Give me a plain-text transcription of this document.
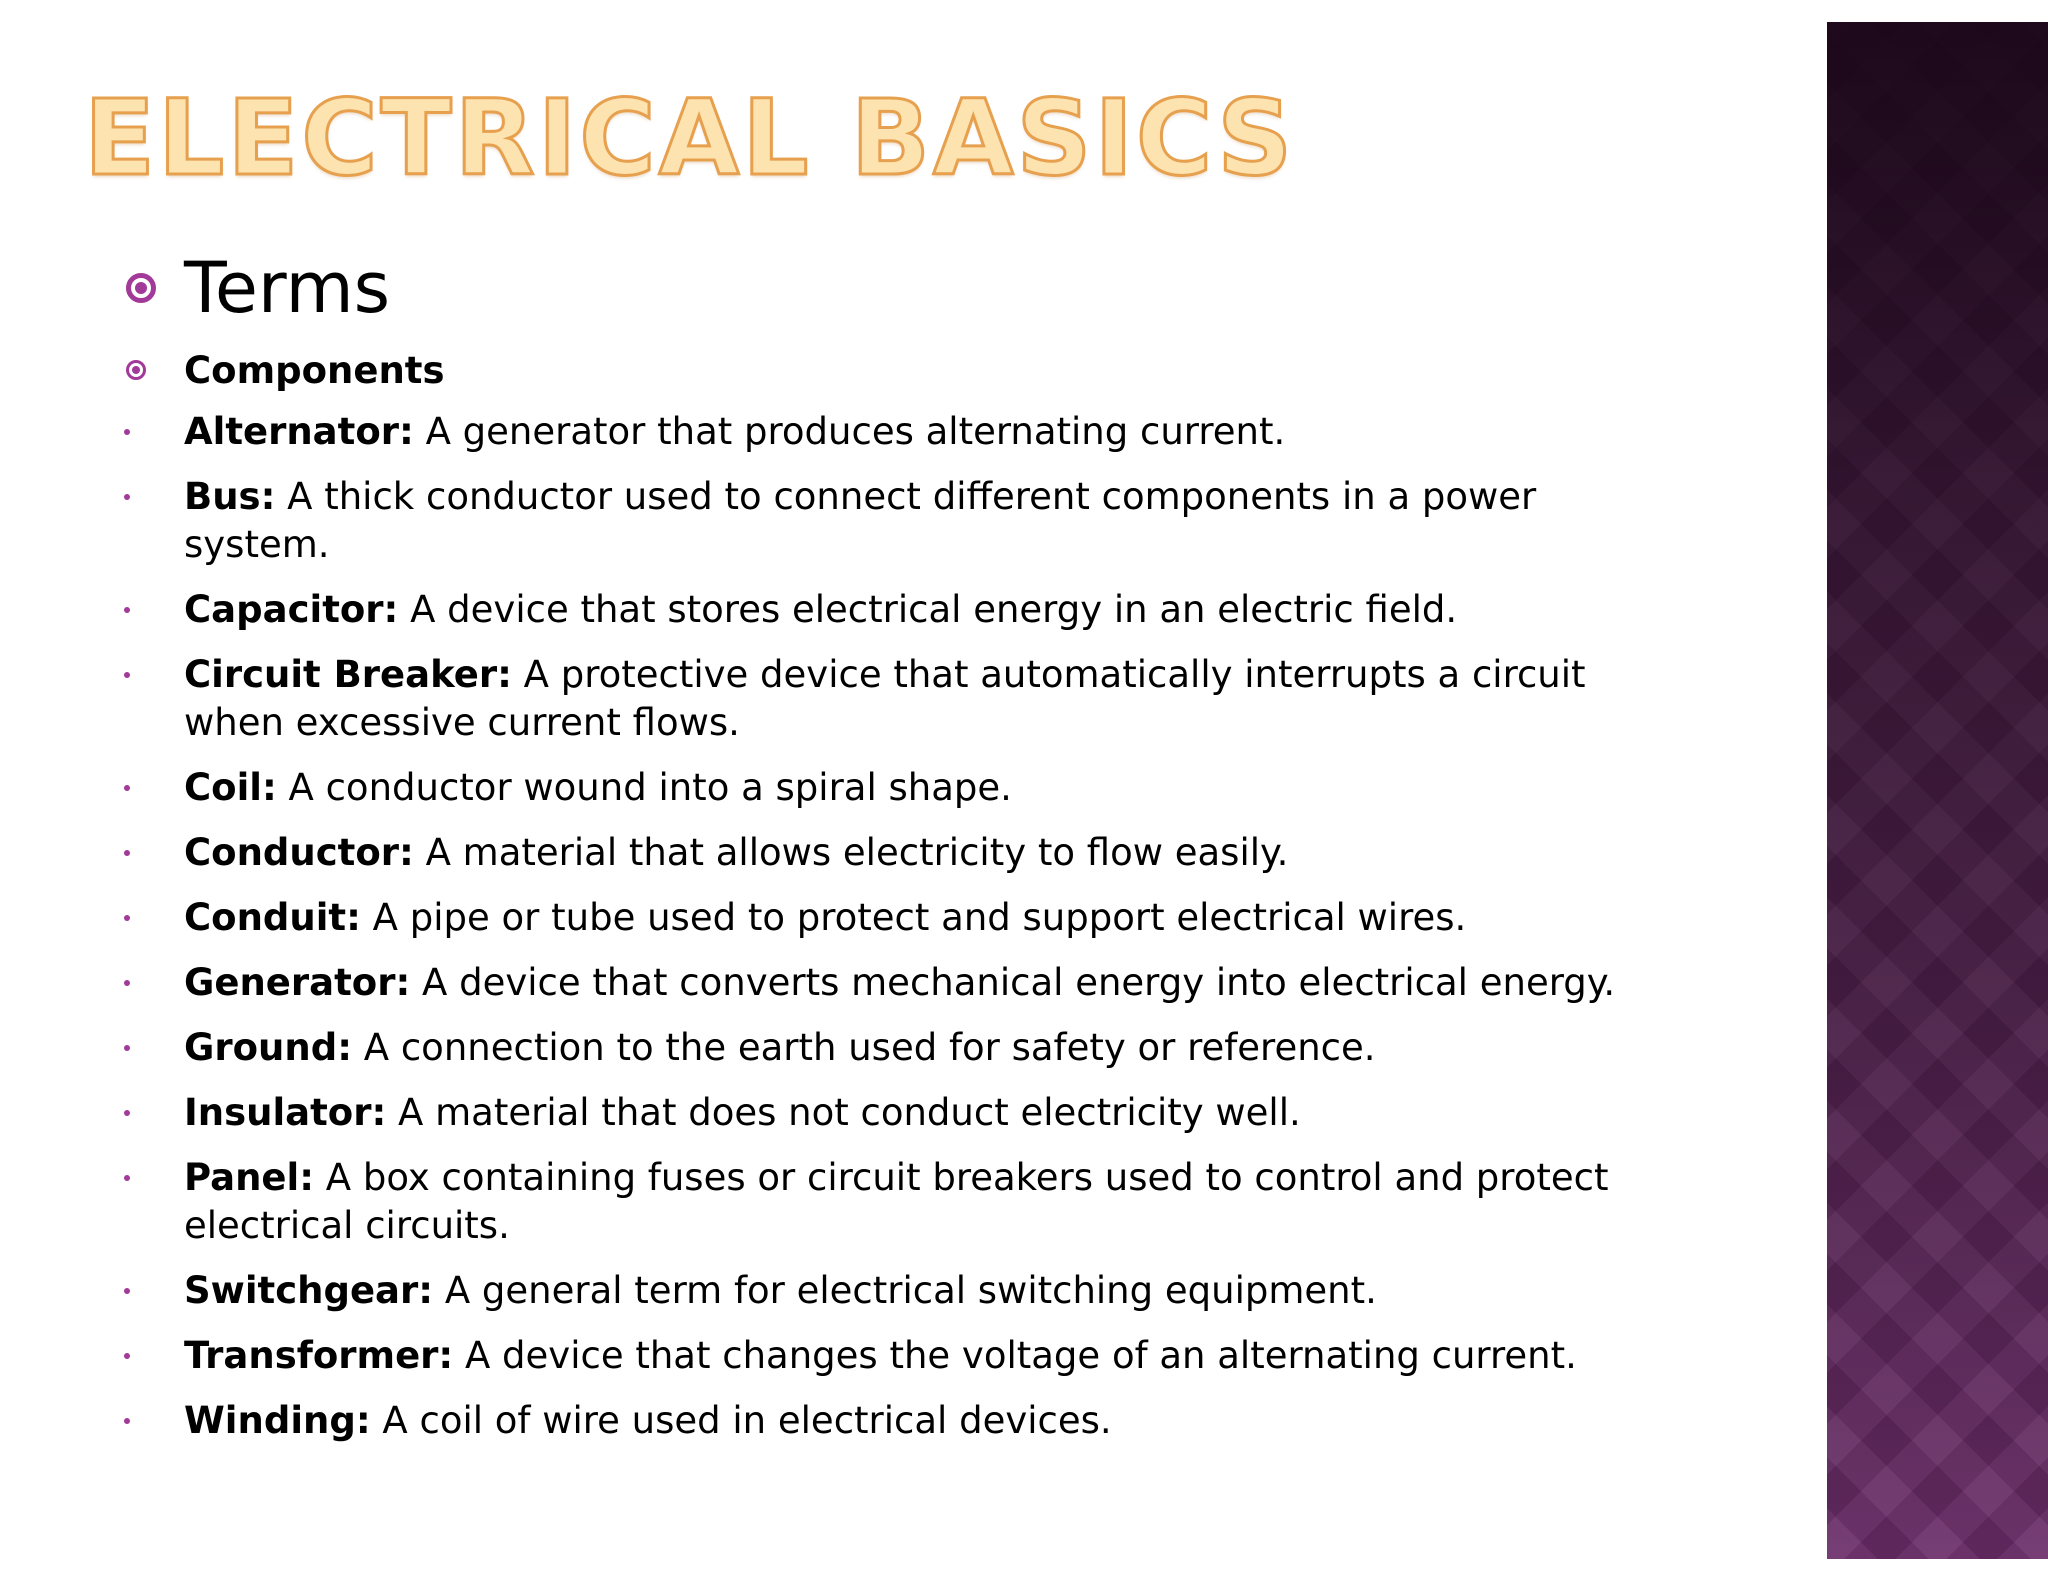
ELECTRICAL BASICS
Terms
Components
Alternator: A generator that produces alternating current.
Bus: A thick conductor used to connect different components in a power system.
Capacitor: A device that stores electrical energy in an electric field.
Circuit Breaker: A protective device that automatically interrupts a circuit when excessive current flows.
Coil: A conductor wound into a spiral shape.
Conductor: A material that allows electricity to flow easily.
Conduit: A pipe or tube used to protect and support electrical wires.
Generator: A device that converts mechanical energy into electrical energy.
Ground: A connection to the earth used for safety or reference.
Insulator: A material that does not conduct electricity well.
Panel: A box containing fuses or circuit breakers used to control and protect electrical circuits.
Switchgear: A general term for electrical switching equipment.
Transformer: A device that changes the voltage of an alternating current.
Winding: A coil of wire used in electrical devices.
